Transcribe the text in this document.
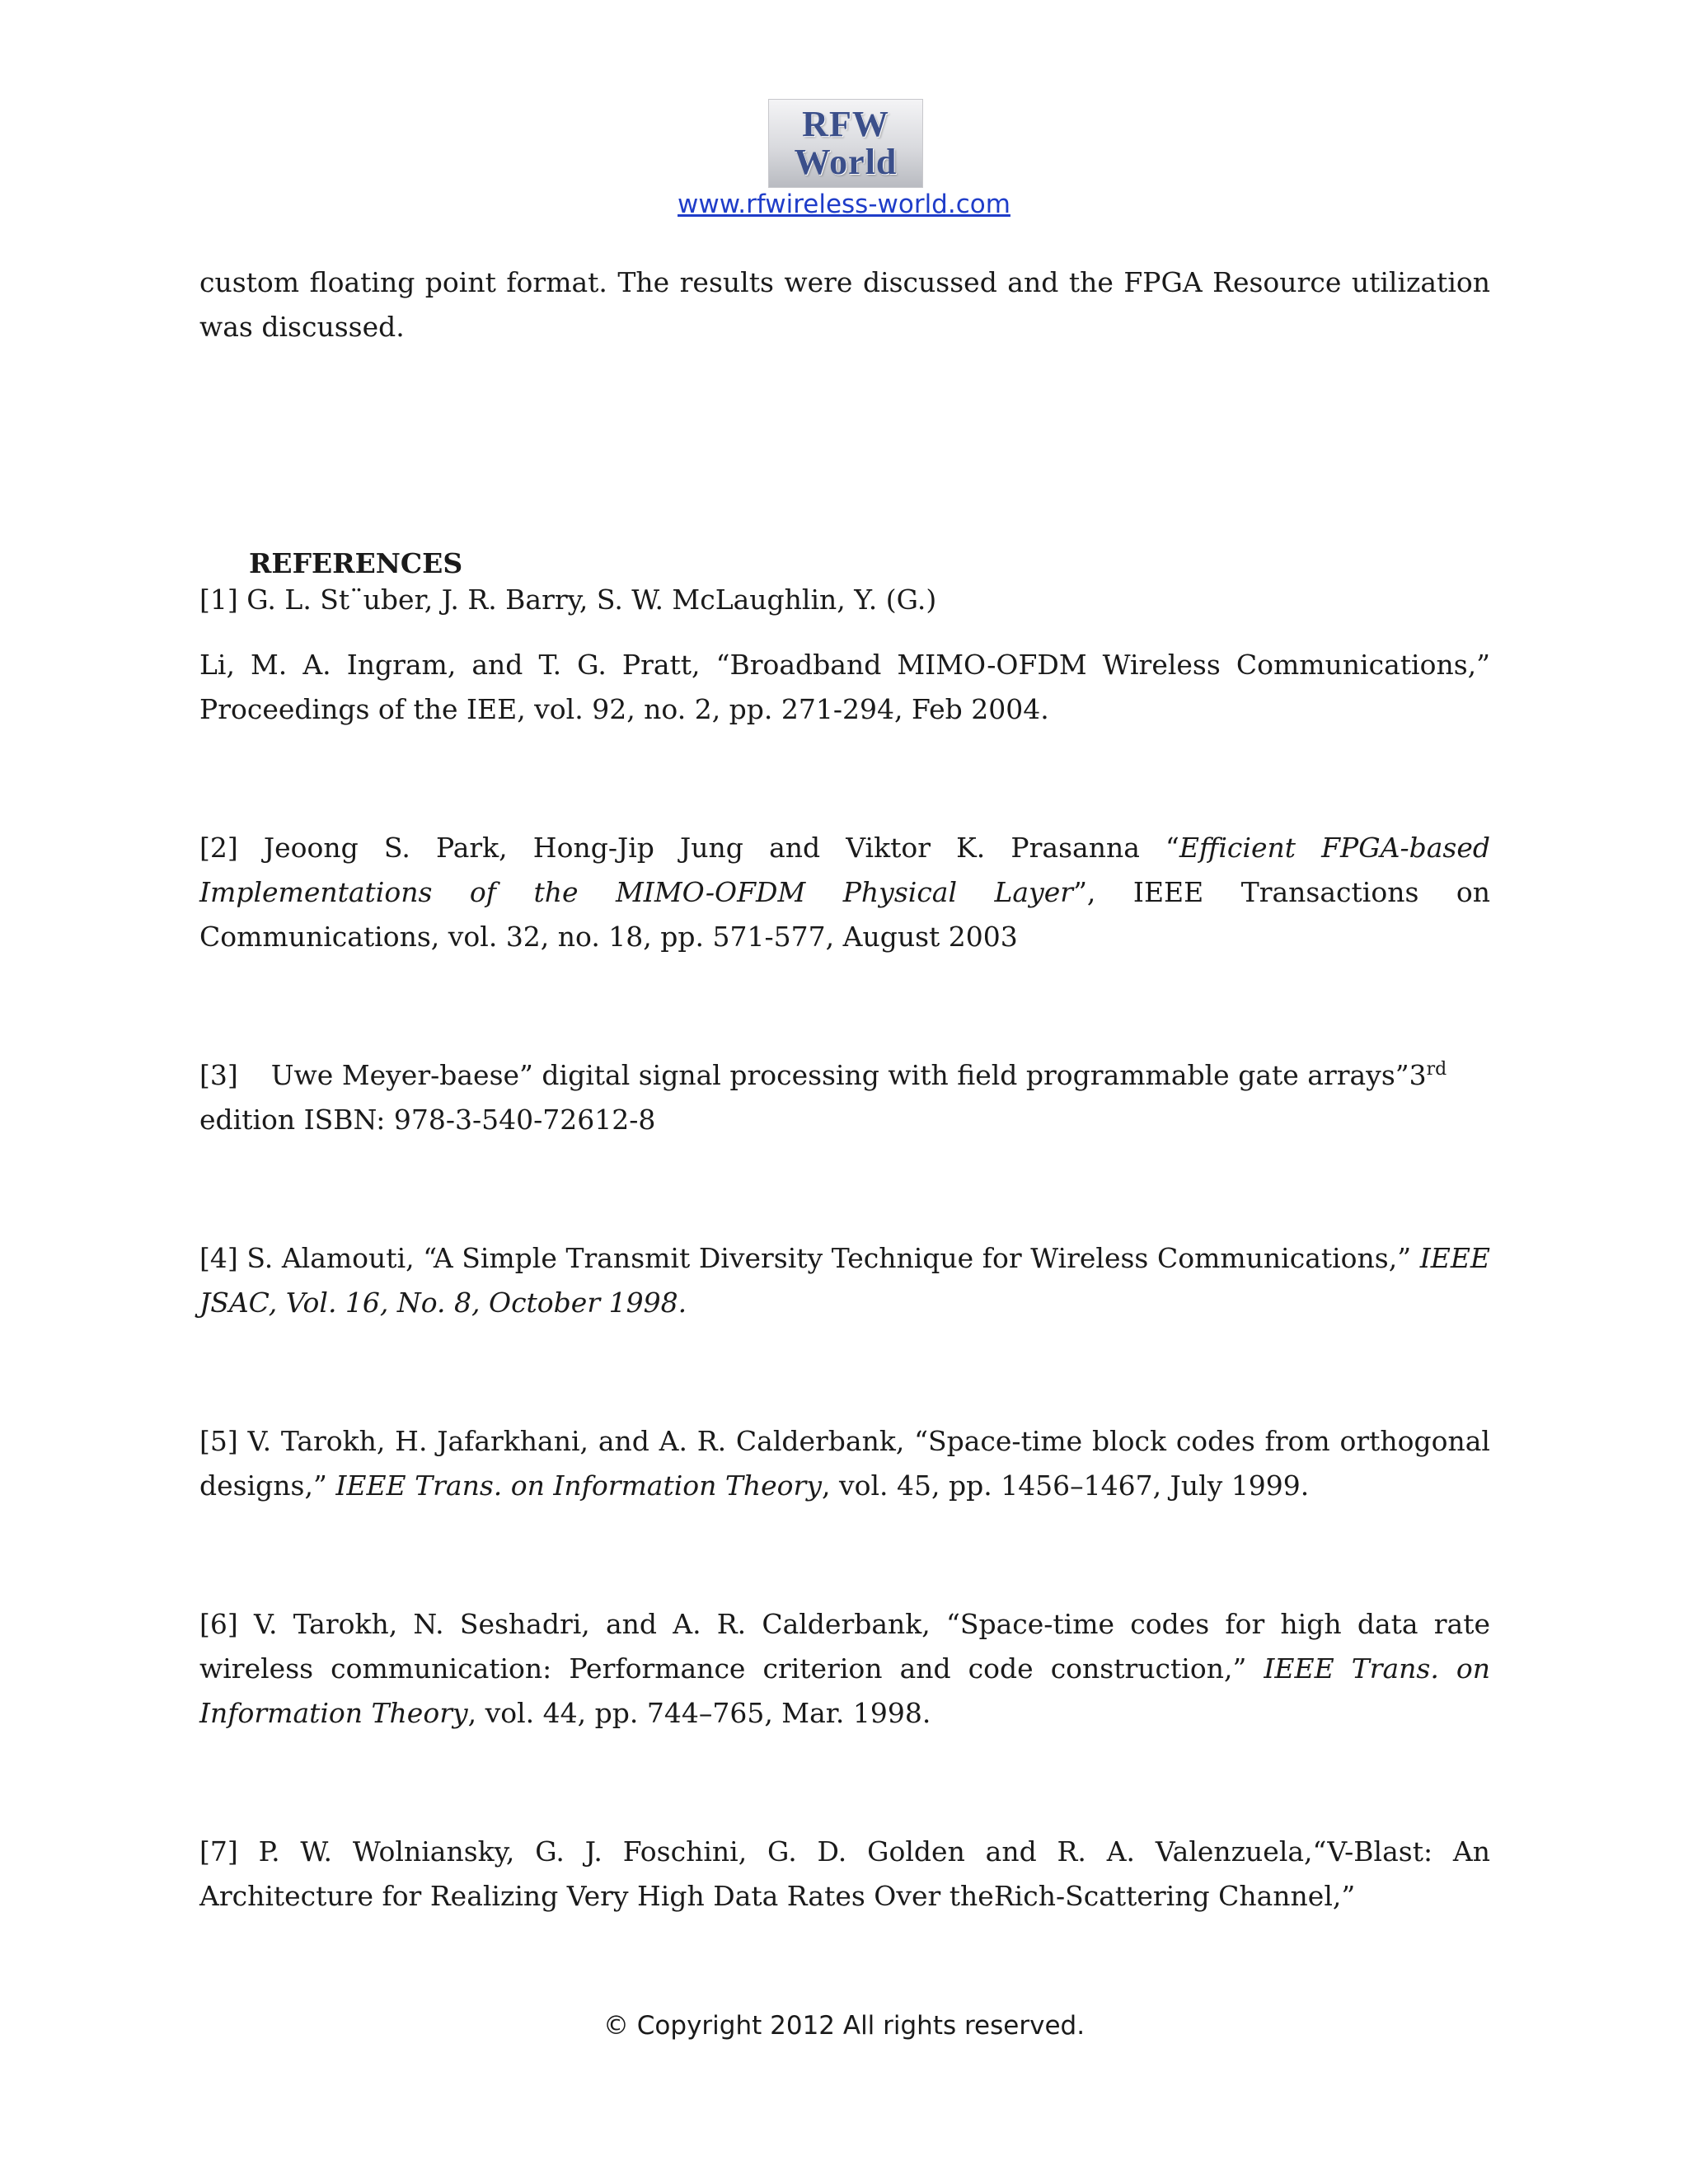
RFW
World
www.rfwireless-world.com

custom floating point format. The results were discussed and the FPGA Resource utilization was discussed.

REFERENCES

[1] G. L. St¨uber, J. R. Barry, S. W. McLaughlin, Y. (G.)

Li, M. A. Ingram, and T. G. Pratt, “Broadband MIMO-OFDM Wireless Communications,” Proceedings of the IEE, vol. 92, no. 2, pp. 271-294, Feb 2004.

[2] Jeoong S. Park, Hong-Jip Jung and Viktor K. Prasanna “Efficient FPGA-based Implementations of the MIMO-OFDM Physical Layer”, IEEE Transactions on Communications, vol. 32, no. 18, pp. 571-577, August 2003

[3] Uwe Meyer-baese” digital signal processing with field programmable gate arrays”3rd
edition ISBN: 978-3-540-72612-8

[4] S. Alamouti, “A Simple Transmit Diversity Technique for Wireless Communications,” IEEE JSAC, Vol. 16, No. 8, October 1998.

[5] V. Tarokh, H. Jafarkhani, and A. R. Calderbank, “Space-time block codes from orthogonal designs,” IEEE Trans. on Information Theory, vol. 45, pp. 1456–1467, July 1999.

[6] V. Tarokh, N. Seshadri, and A. R. Calderbank, “Space-time codes for high data rate wireless communication: Performance criterion and code construction,” IEEE Trans. on Information Theory, vol. 44, pp. 744–765, Mar. 1998.

[7] P. W. Wolniansky, G. J. Foschini, G. D. Golden and R. A. Valenzuela,“V-Blast: An Architecture for Realizing Very High Data Rates Over theRich-Scattering Channel,”

© Copyright 2012 All rights reserved.
